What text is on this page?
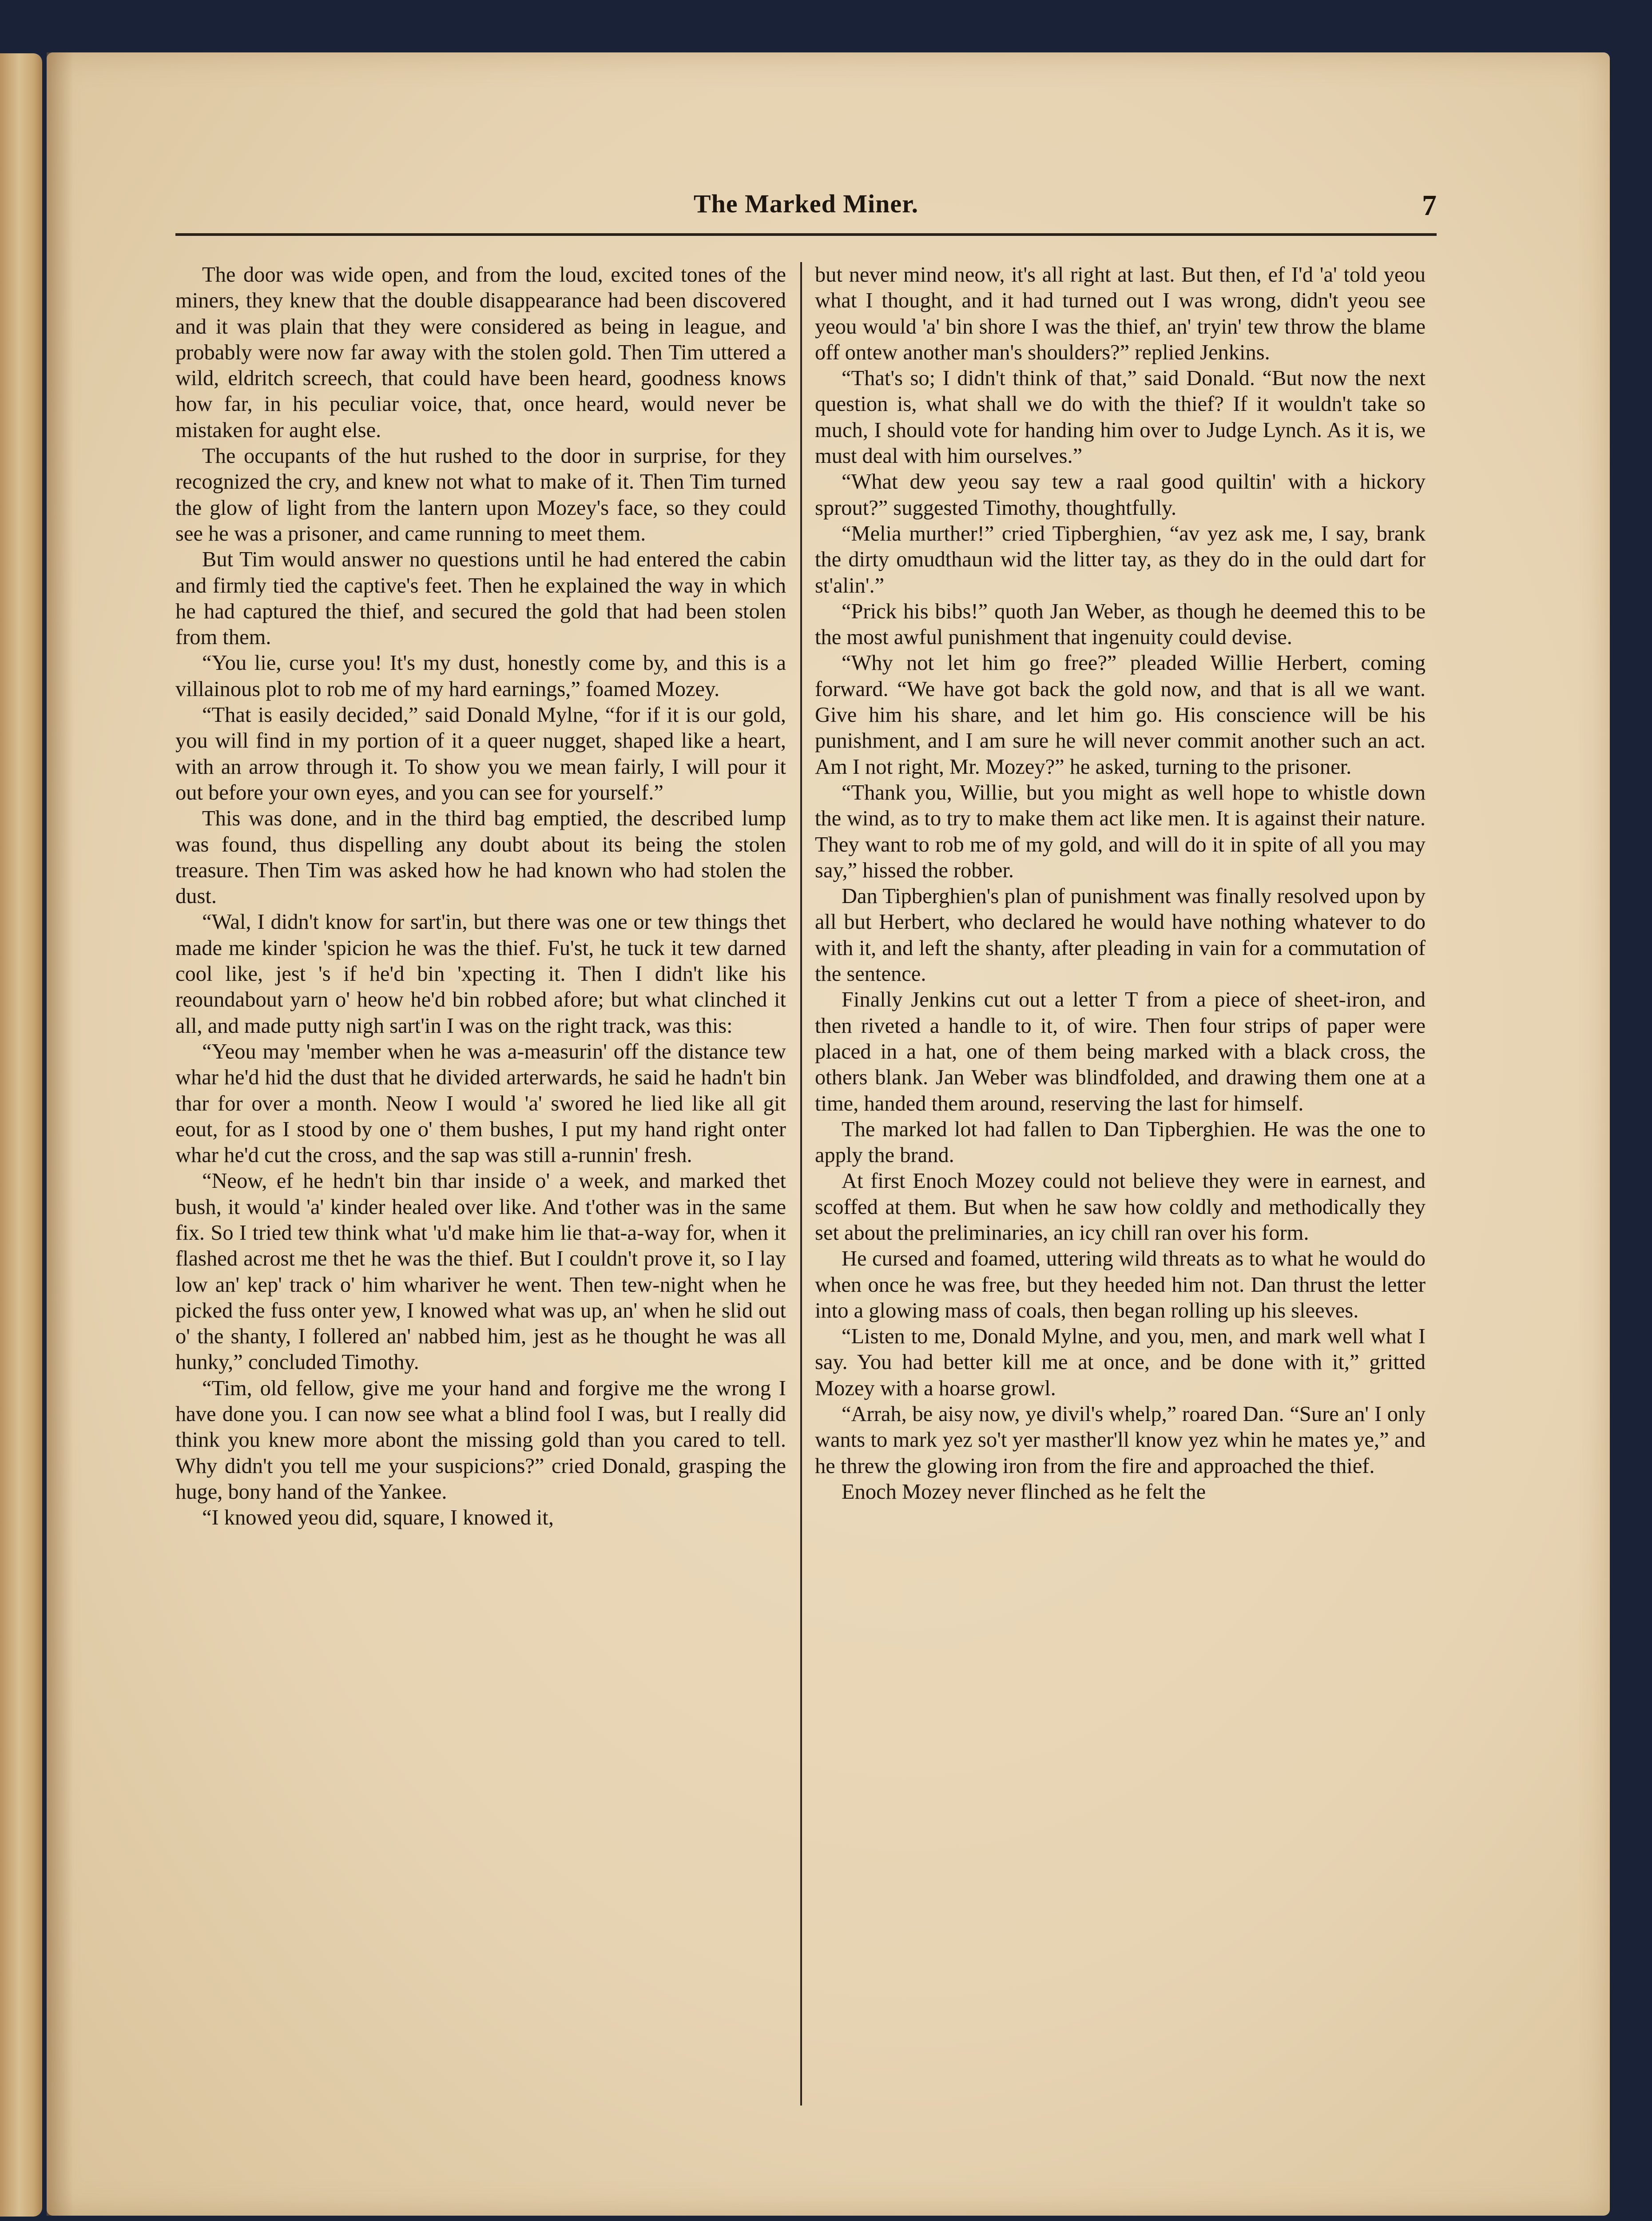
The Marked Miner.	7

The door was wide open, and from the loud, excited tones of the miners, they knew that the double disappearance had been discovered and it was plain that they were considered as being in league, and probably were now far away with the stolen gold. Then Tim uttered a wild, eldritch screech, that could have been heard, goodness knows how far, in his peculiar voice, that, once heard, would never be mistaken for aught else.

The occupants of the hut rushed to the door in surprise, for they recognized the cry, and knew not what to make of it. Then Tim turned the glow of light from the lantern upon Mozey's face, so they could see he was a prisoner, and came running to meet them.

But Tim would answer no questions until he had entered the cabin and firmly tied the captive's feet. Then he explained the way in which he had captured the thief, and secured the gold that had been stolen from them.

“You lie, curse you! It's my dust, honestly come by, and this is a villainous plot to rob me of my hard earnings,” foamed Mozey.

“That is easily decided,” said Donald Mylne, “for if it is our gold, you will find in my portion of it a queer nugget, shaped like a heart, with an arrow through it. To show you we mean fairly, I will pour it out before your own eyes, and you can see for yourself.”

This was done, and in the third bag emptied, the described lump was found, thus dispelling any doubt about its being the stolen treasure. Then Tim was asked how he had known who had stolen the dust.

“Wal, I didn't know for sart'in, but there was one or tew things thet made me kinder 'spicion he was the thief. Fu'st, he tuck it tew darned cool like, jest 's if he'd bin 'xpecting it. Then I didn't like his reoundabout yarn o' heow he'd bin robbed afore; but what clinched it all, and made putty nigh sart'in I was on the right track, was this:

“Yeou may 'member when he was a-measurin' off the distance tew whar he'd hid the dust that he divided arterwards, he said he hadn't bin thar for over a month. Neow I would 'a' swored he lied like all git eout, for as I stood by one o' them bushes, I put my hand right onter whar he'd cut the cross, and the sap was still a-runnin' fresh.

“Neow, ef he hedn't bin thar inside o' a week, and marked thet bush, it would 'a' kinder healed over like. And t'other was in the same fix. So I tried tew think what 'u'd make him lie that-a-way for, when it flashed acrost me thet he was the thief. But I couldn't prove it, so I lay low an' kep' track o' him whariver he went. Then tew-night when he picked the fuss onter yew, I knowed what was up, an' when he slid out o' the shanty, I follered an' nabbed him, jest as he thought he was all hunky,” concluded Timothy.

“Tim, old fellow, give me your hand and forgive me the wrong I have done you. I can now see what a blind fool I was, but I really did think you knew more abont the missing gold than you cared to tell. Why didn't you tell me your suspicions?” cried Donald, grasping the huge, bony hand of the Yankee.

“I knowed yeou did, square, I knowed it,

but never mind neow, it's all right at last. But then, ef I'd 'a' told yeou what I thought, and it had turned out I was wrong, didn't yeou see yeou would 'a' bin shore I was the thief, an' tryin' tew throw the blame off ontew another man's shoulders?” replied Jenkins.

“That's so; I didn't think of that,” said Donald. “But now the next question is, what shall we do with the thief? If it wouldn't take so much, I should vote for handing him over to Judge Lynch. As it is, we must deal with him ourselves.”

“What dew yeou say tew a raal good quiltin' with a hickory sprout?” suggested Timothy, thoughtfully.

“Melia murther!” cried Tipberghien, “av yez ask me, I say, brank the dirty omudthaun wid the litter tay, as they do in the ould dart for st'alin'.”

“Prick his bibs!” quoth Jan Weber, as though he deemed this to be the most awful punishment that ingenuity could devise.

“Why not let him go free?” pleaded Willie Herbert, coming forward. “We have got back the gold now, and that is all we want. Give him his share, and let him go. His conscience will be his punishment, and I am sure he will never commit another such an act. Am I not right, Mr. Mozey?” he asked, turning to the prisoner.

“Thank you, Willie, but you might as well hope to whistle down the wind, as to try to make them act like men. It is against their nature. They want to rob me of my gold, and will do it in spite of all you may say,” hissed the robber.

Dan Tipberghien's plan of punishment was finally resolved upon by all but Herbert, who declared he would have nothing whatever to do with it, and left the shanty, after pleading in vain for a commutation of the sentence.

Finally Jenkins cut out a letter T from a piece of sheet-iron, and then riveted a handle to it, of wire. Then four strips of paper were placed in a hat, one of them being marked with a black cross, the others blank. Jan Weber was blindfolded, and drawing them one at a time, handed them around, reserving the last for himself.

The marked lot had fallen to Dan Tipberghien. He was the one to apply the brand.

At first Enoch Mozey could not believe they were in earnest, and scoffed at them. But when he saw how coldly and methodically they set about the preliminaries, an icy chill ran over his form.

He cursed and foamed, uttering wild threats as to what he would do when once he was free, but they heeded him not. Dan thrust the letter into a glowing mass of coals, then began rolling up his sleeves.

“Listen to me, Donald Mylne, and you, men, and mark well what I say. You had better kill me at once, and be done with it,” gritted Mozey with a hoarse growl.

“Arrah, be aisy now, ye divil's whelp,” roared Dan. “Sure an' I only wants to mark yez so't yer masther'll know yez whin he mates ye,” and he threw the glowing iron from the fire and approached the thief.

Enoch Mozey never flinched as he felt the
